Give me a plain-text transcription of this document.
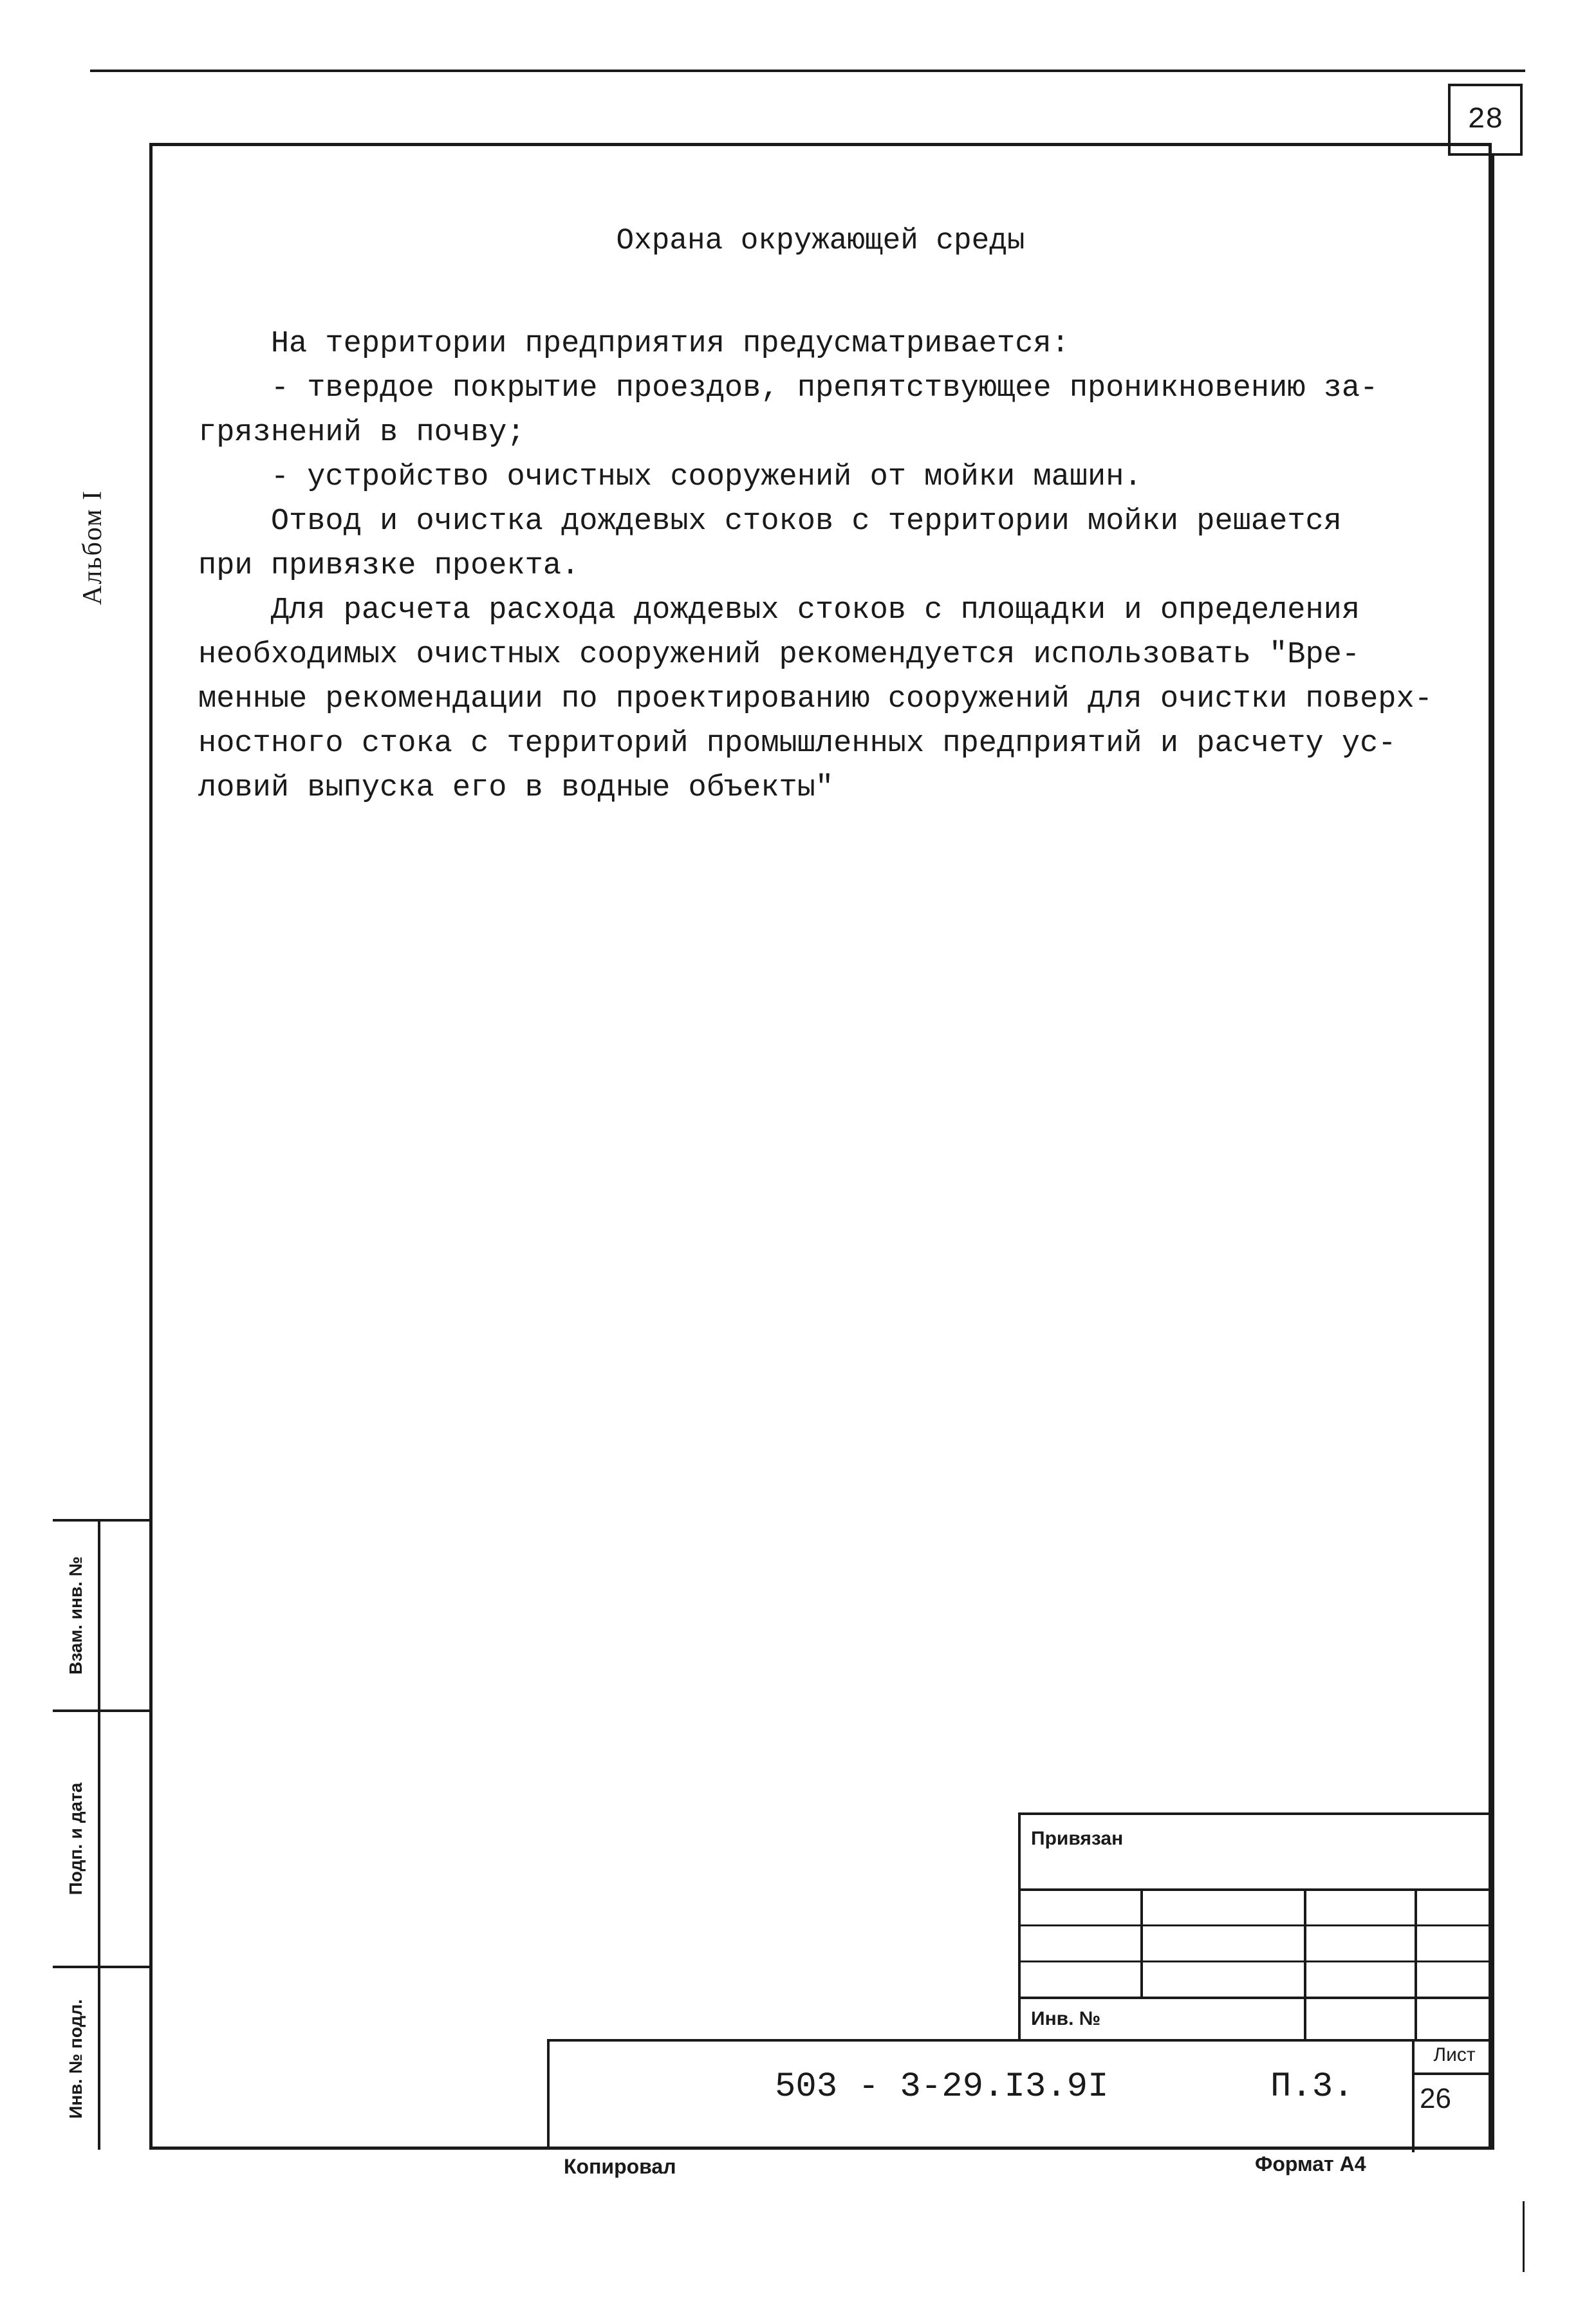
28
Альбом I
Взам. инв. №
Подп. и дата
Инв. № подл.
Охрана окружающей среды
На территории предприятия предусматривается:
- твердое покрытие проездов, препятствующее проникновению за-
грязнений в почву;
- устройство очистных сооружений от мойки машин.
Отвод и очистка дождевых стоков с территории мойки решается
при привязке проекта.
Для расчета расхода дождевых стоков с площадки и определения
необходимых очистных сооружений рекомендуется использовать "Вре-
менные рекомендации по проектированию сооружений для очистки поверх-
ностного стока с территорий промышленных предприятий и расчету ус-
ловий выпуска его в водные объекты"
Привязан
Инв. №
503 - 3-29.I3.9I	П.3.
Лист
26
Копировал	Формат А4
